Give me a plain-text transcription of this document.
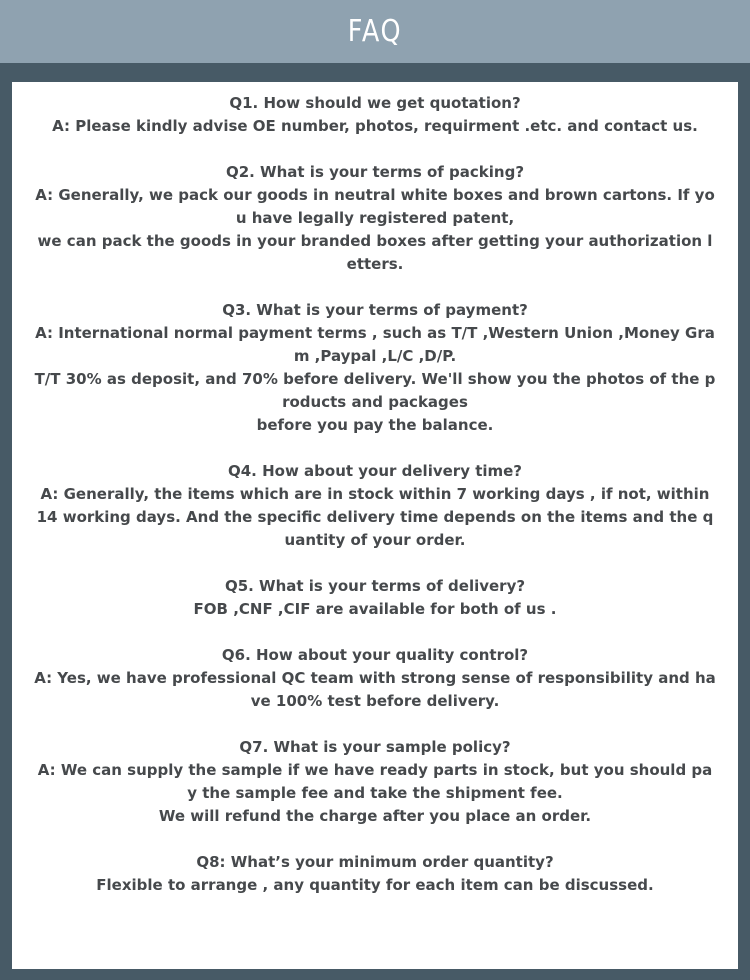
FAQ
Q1. How should we get quotation?
A: Please kindly advise OE number, photos, requirment .etc. and contact us.
Q2. What is your terms of packing?
A: Generally, we pack our goods in neutral white boxes and brown cartons. If you have legally registered patent,
we can pack the goods in your branded boxes after getting your authorization letters.
Q3. What is your terms of payment?
A: International normal payment terms , such as T/T ,Western Union ,Money Gram ,Paypal ,L/C ,D/P.
T/T 30% as deposit, and 70% before delivery. We'll show you the photos of the products and packages
before you pay the balance.
Q4. How about your delivery time?
A: Generally, the items which are in stock within 7 working days , if not, within 14 working days. And the specific delivery time depends on the items and the quantity of your order.
Q5. What is your terms of delivery?
FOB ,CNF ,CIF are available for both of us .
Q6. How about your quality control?
A: Yes, we have professional QC team with strong sense of responsibility and have 100% test before delivery.
Q7. What is your sample policy?
A: We can supply the sample if we have ready parts in stock, but you should pay the sample fee and take the shipment fee.
We will refund the charge after you place an order.
Q8: What’s your minimum order quantity?
Flexible to arrange , any quantity for each item can be discussed.
